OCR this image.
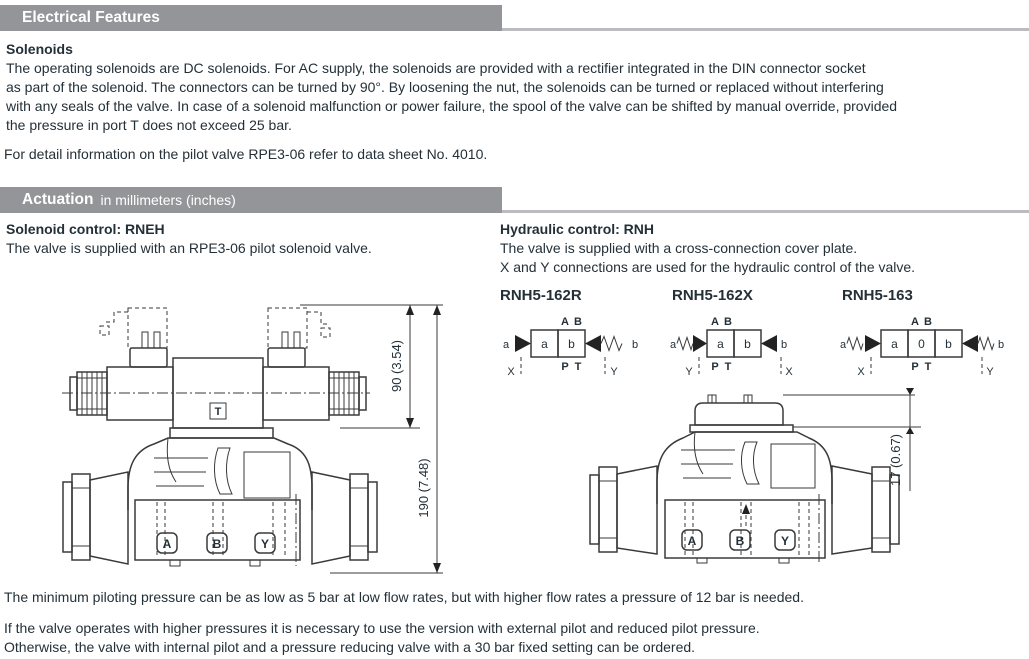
Electrical Features
Solenoids
The operating solenoids are DC solenoids. For AC supply, the solenoids are provided with a rectifier integrated in the DIN connector socket
as part of the solenoid. The connectors can be turned by 90°. By loosening the nut, the solenoids can be turned or replaced without interfering
with any seals of the valve. In case of a solenoid malfunction or power failure, the spool of the valve can be shifted by manual override, provided
the pressure in port T does not exceed 25 bar.
For detail information on the pilot valve RPE3-06 refer to data sheet No. 4010.
Actuation in millimeters (inches)
Solenoid control: RNEH
The valve is supplied with an RPE3-06 pilot solenoid valve.
Hydraulic control: RNH
The valve is supplied with a cross-connection cover plate.
X and Y connections are used for the hydraulic control of the valve.
RNH5-162R	RNH5-162X	RNH5-163
a b
A B
P T
a
X
b
Y
a b
A B
P T
a
Y
b
X
a 0 b
A B
P T
a
X
b
Y
T
A	B	Y
90 (3.54)
190 (7.48)
A	B	Y
17 (0.67)
The minimum piloting pressure can be as low as 5 bar at low flow rates, but with higher flow rates a pressure of 12 bar is needed.
If the valve operates with higher pressures it is necessary to use the version with external pilot and reduced pilot pressure.
Otherwise, the valve with internal pilot and a pressure reducing valve with a 30 bar fixed setting can be ordered.
